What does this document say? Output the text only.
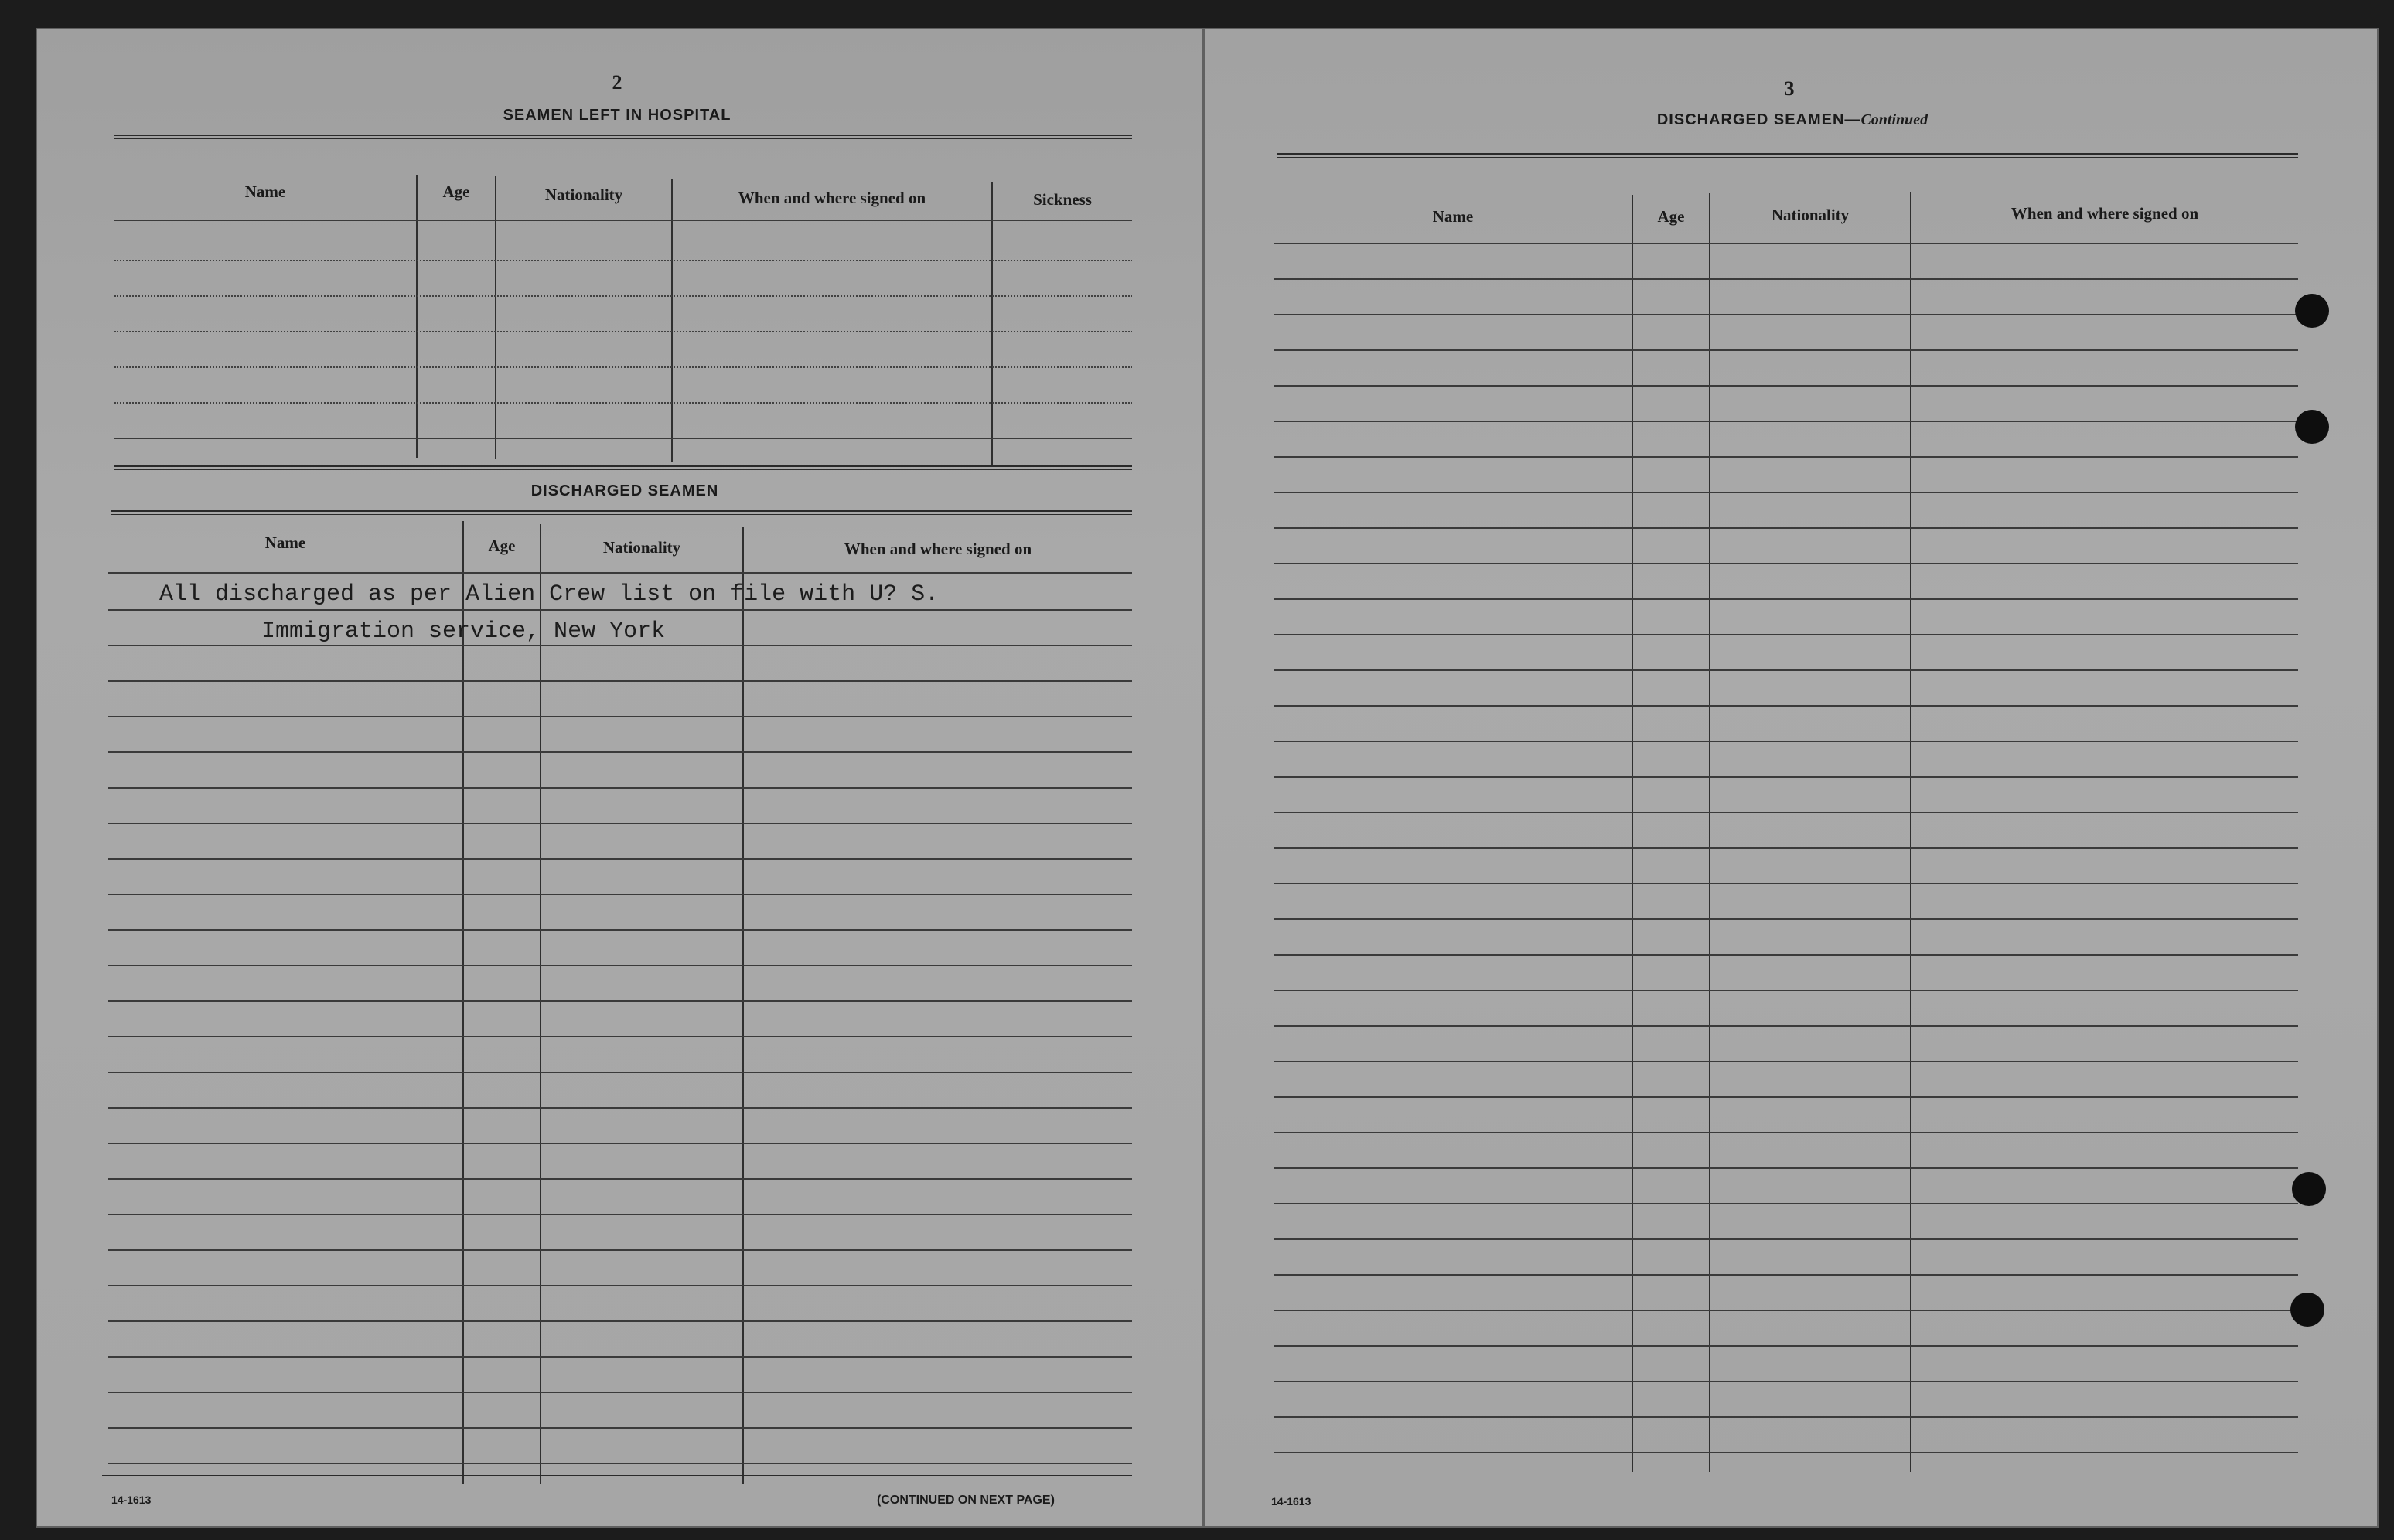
2
SEAMEN LEFT IN HOSPITAL
Name	Age	Nationality	When and where signed on	Sickness
DISCHARGED SEAMEN
Name	Age	Nationality	When and where signed on
All discharged as per Alien Crew list on file with U? S.
Immigration service, New York
14-1613	(CONTINUED ON NEXT PAGE)
3
DISCHARGED SEAMEN—Continued
Name	Age	Nationality	When and where signed on
14-1613
